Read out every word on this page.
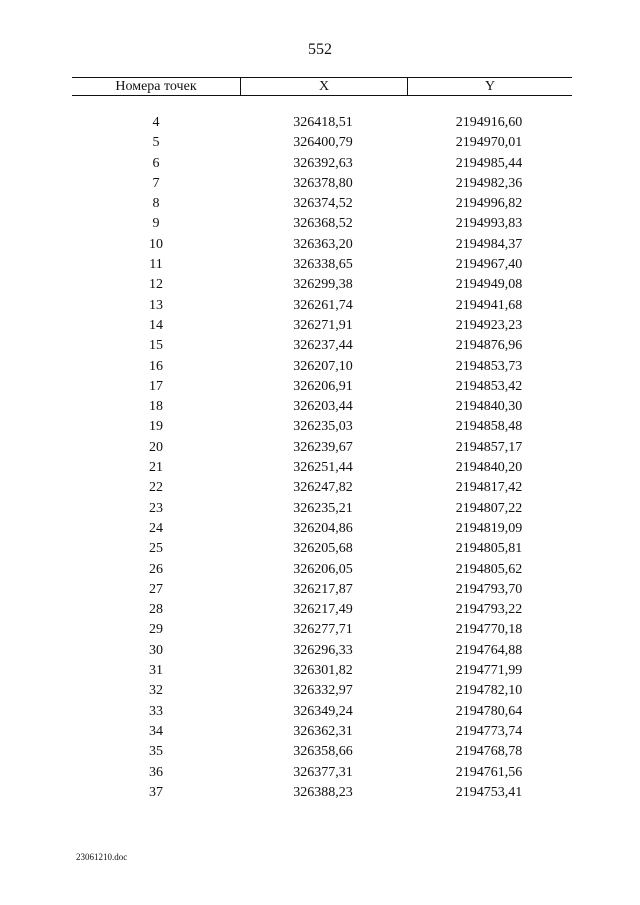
552
Номера точек	X	Y
4	326418,51	2194916,60
5	326400,79	2194970,01
6	326392,63	2194985,44
7	326378,80	2194982,36
8	326374,52	2194996,82
9	326368,52	2194993,83
10	326363,20	2194984,37
11	326338,65	2194967,40
12	326299,38	2194949,08
13	326261,74	2194941,68
14	326271,91	2194923,23
15	326237,44	2194876,96
16	326207,10	2194853,73
17	326206,91	2194853,42
18	326203,44	2194840,30
19	326235,03	2194858,48
20	326239,67	2194857,17
21	326251,44	2194840,20
22	326247,82	2194817,42
23	326235,21	2194807,22
24	326204,86	2194819,09
25	326205,68	2194805,81
26	326206,05	2194805,62
27	326217,87	2194793,70
28	326217,49	2194793,22
29	326277,71	2194770,18
30	326296,33	2194764,88
31	326301,82	2194771,99
32	326332,97	2194782,10
33	326349,24	2194780,64
34	326362,31	2194773,74
35	326358,66	2194768,78
36	326377,31	2194761,56
37	326388,23	2194753,41
23061210.doc
